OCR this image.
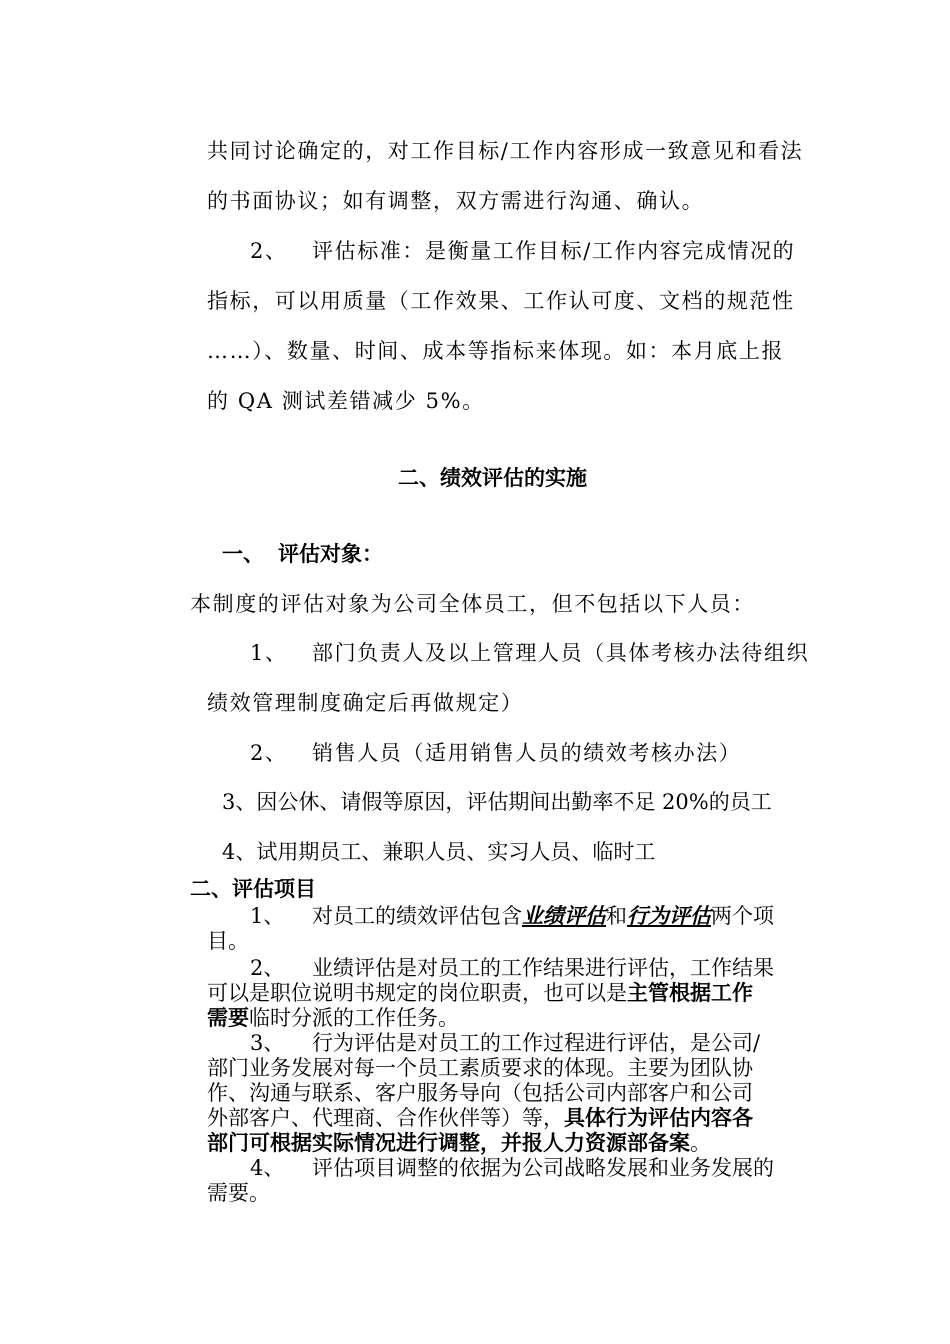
共同讨论确定的，对工作目标/工作内容形成一致意见和看法
的书面协议；如有调整，双方需进行沟通、确认。
2、 评估标准：是衡量工作目标/工作内容完成情况的
指标，可以用质量（工作效果、工作认可度、文档的规范性
……）、数量、时间、成本等指标来体现。如：本月底上报
的 QA 测试差错减少 5%。
二、绩效评估的实施
一、 评估对象：
本制度的评估对象为公司全体员工，但不包括以下人员：
1、 部门负责人及以上管理人员（具体考核办法待组织
绩效管理制度确定后再做规定）
2、 销售人员（适用销售人员的绩效考核办法）
3、因公休、请假等原因，评估期间出勤率不足 20%的员工
4、试用期员工、兼职人员、实习人员、临时工
二、评估项目
1、 对员工的绩效评估包含业绩评估和行为评估两个项
目。
2、 业绩评估是对员工的工作结果进行评估，工作结果
可以是职位说明书规定的岗位职责，也可以是主管根据工作
需要临时分派的工作任务。
3、 行为评估是对员工的工作过程进行评估，是公司/
部门业务发展对每一个员工素质要求的体现。主要为团队协
作、沟通与联系、客户服务导向（包括公司内部客户和公司
外部客户、代理商、合作伙伴等）等，具体行为评估内容各
部门可根据实际情况进行调整，并报人力资源部备案。
4、 评估项目调整的依据为公司战略发展和业务发展的
需要。
